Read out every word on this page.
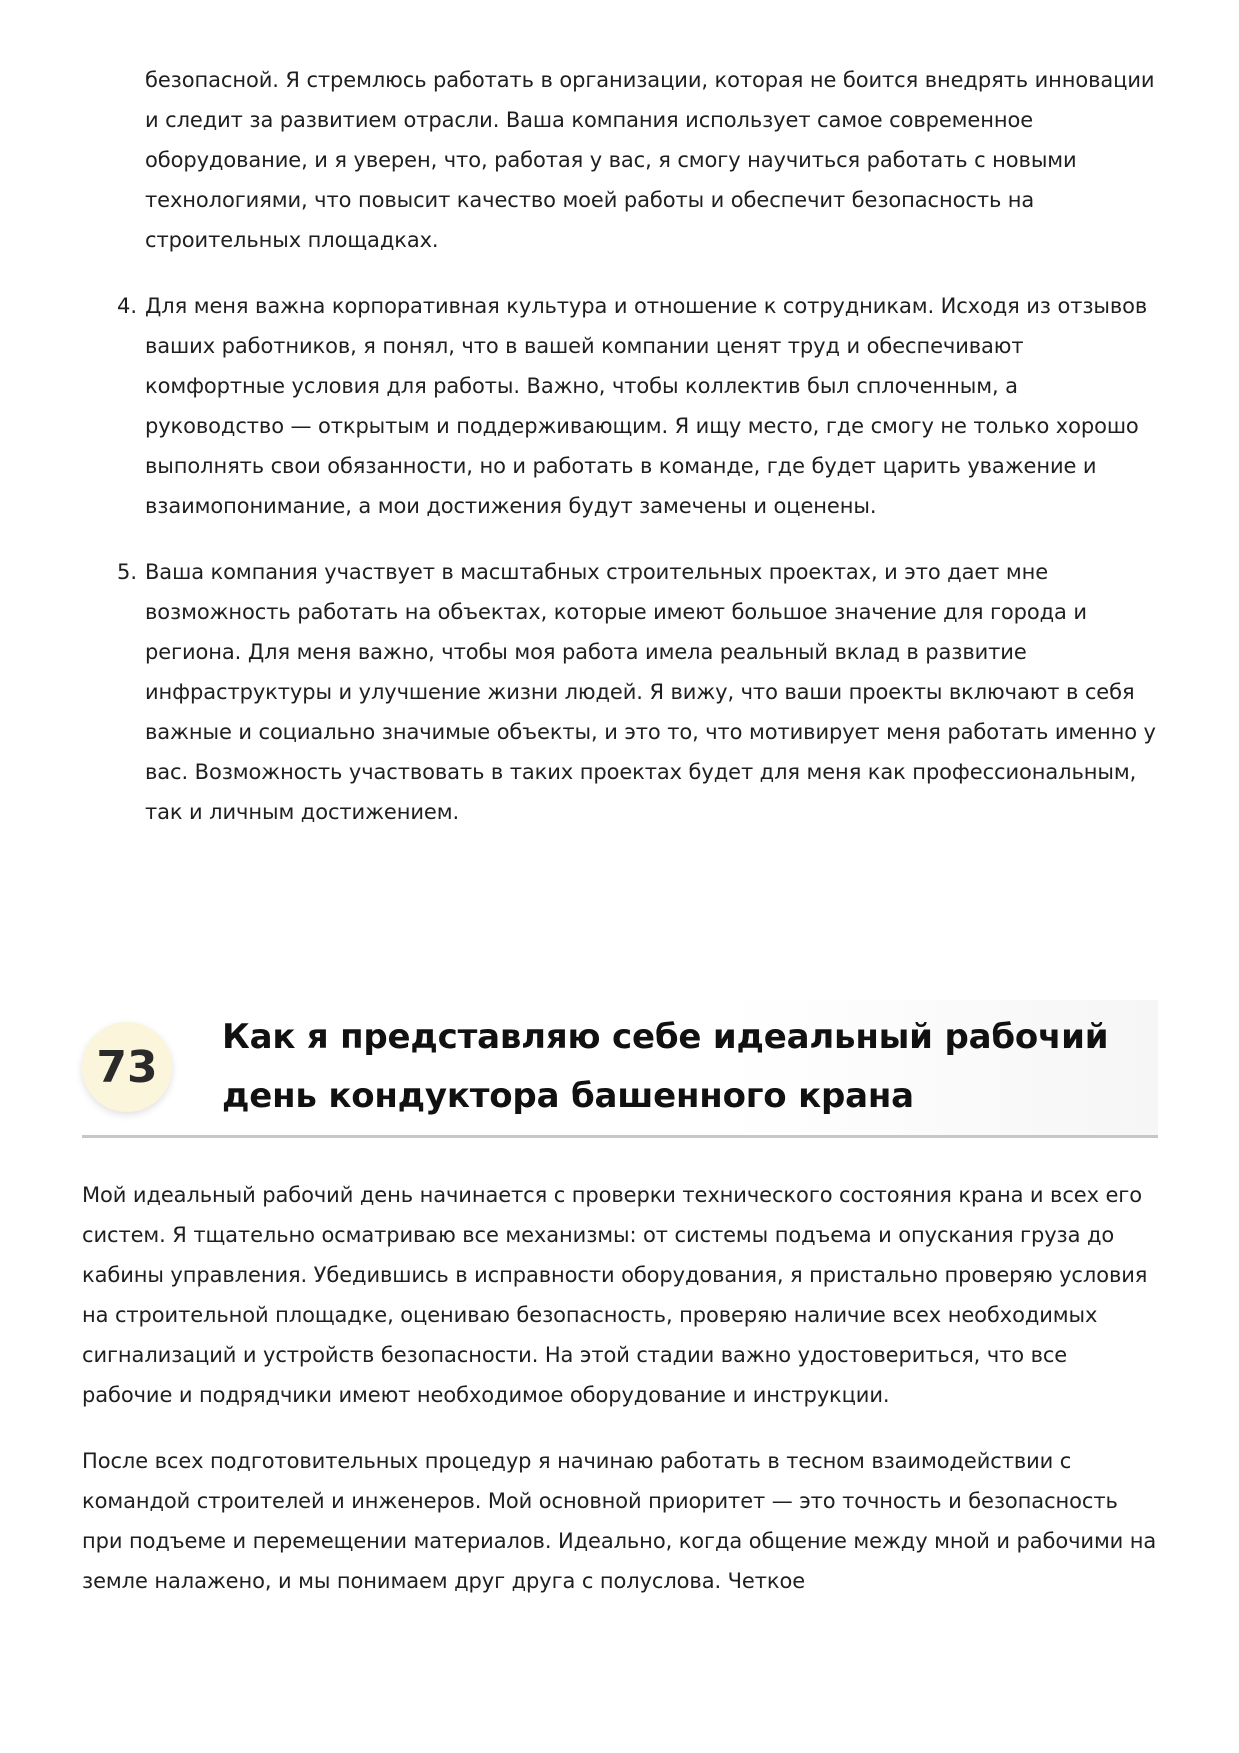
безопасной. Я стремлюсь работать в организации, которая не боится внедрять инновации и следит за развитием отрасли. Ваша компания использует самое современное оборудование, и я уверен, что, работая у вас, я смогу научиться работать с новыми технологиями, что повысит качество моей работы и обеспечит безопасность на строительных площадках.
4. Для меня важна корпоративная культура и отношение к сотрудникам. Исходя из отзывов ваших работников, я понял, что в вашей компании ценят труд и обеспечивают комфортные условия для работы. Важно, чтобы коллектив был сплоченным, а руководство — открытым и поддерживающим. Я ищу место, где смогу не только хорошо выполнять свои обязанности, но и работать в команде, где будет царить уважение и взаимопонимание, а мои достижения будут замечены и оценены.
5. Ваша компания участвует в масштабных строительных проектах, и это дает мне возможность работать на объектах, которые имеют большое значение для города и региона. Для меня важно, чтобы моя работа имела реальный вклад в развитие инфраструктуры и улучшение жизни людей. Я вижу, что ваши проекты включают в себя важные и социально значимые объекты, и это то, что мотивирует меня работать именно у вас. Возможность участвовать в таких проектах будет для меня как профессиональным, так и личным достижением.
73
Как я представляю себе идеальный рабочий день кондуктора башенного крана

Мой идеальный рабочий день начинается с проверки технического состояния крана и всех его систем. Я тщательно осматриваю все механизмы: от системы подъема и опускания груза до кабины управления. Убедившись в исправности оборудования, я пристально проверяю условия на строительной площадке, оцениваю безопасность, проверяю наличие всех необходимых сигнализаций и устройств безопасности. На этой стадии важно удостовериться, что все рабочие и подрядчики имеют необходимое оборудование и инструкции.

После всех подготовительных процедур я начинаю работать в тесном взаимодействии с командой строителей и инженеров. Мой основной приоритет — это точность и безопасность при подъеме и перемещении материалов. Идеально, когда общение между мной и рабочими на земле налажено, и мы понимаем друг друга с полуслова. Четкое
